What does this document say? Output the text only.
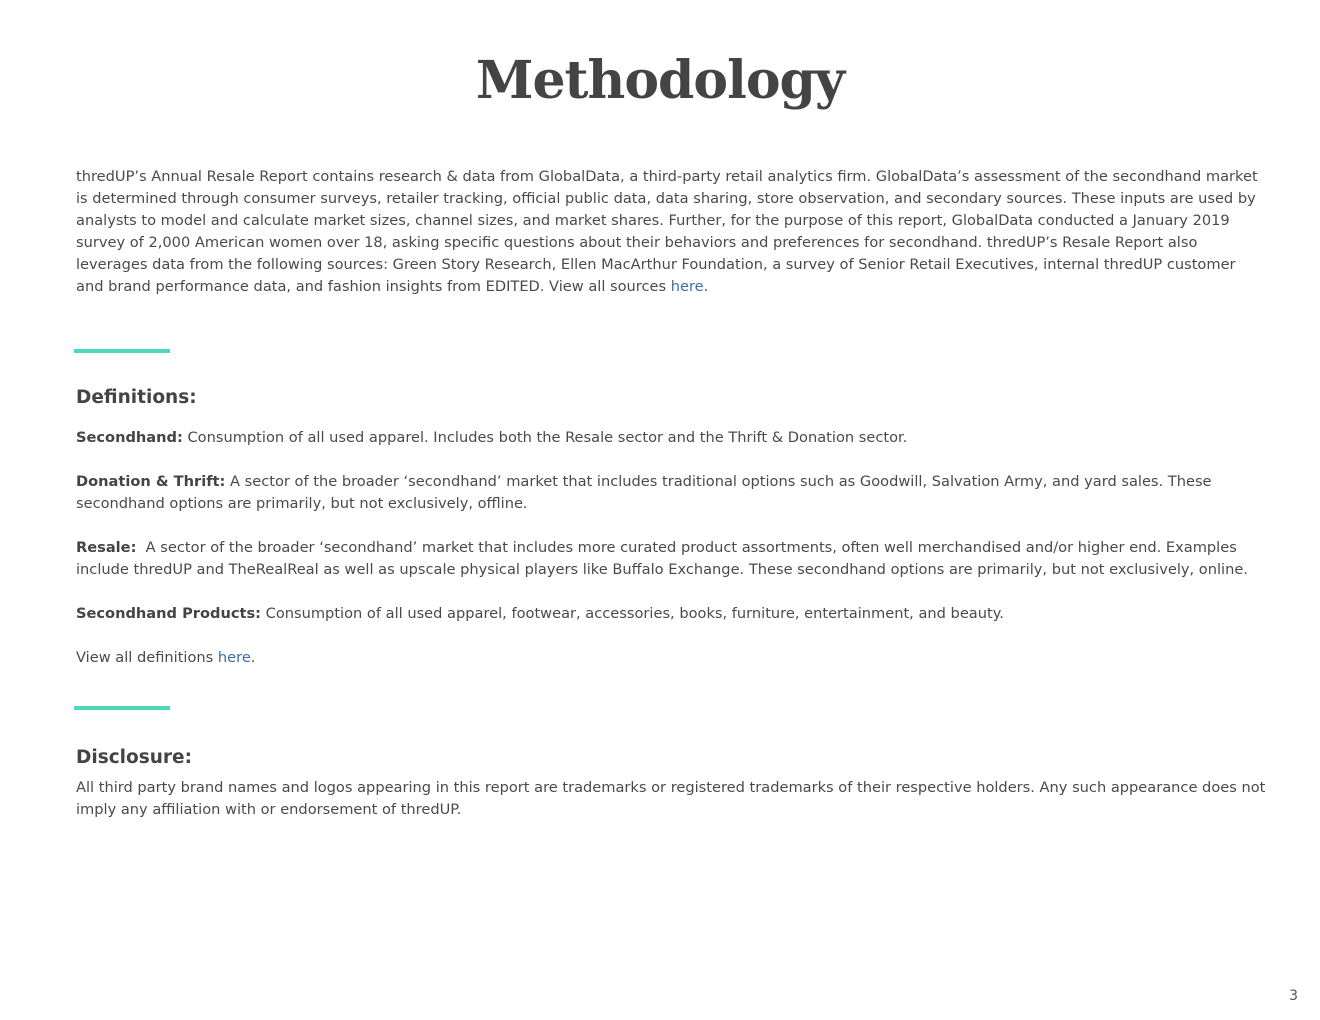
Methodology

thredUP’s Annual Resale Report contains research & data from GlobalData, a third-party retail analytics firm. GlobalData’s assessment of the secondhand market is determined through consumer surveys, retailer tracking, official public data, data sharing, store observation, and secondary sources. These inputs are used by analysts to model and calculate market sizes, channel sizes, and market shares. Further, for the purpose of this report, GlobalData conducted a January 2019 survey of 2,000 American women over 18, asking specific questions about their behaviors and preferences for secondhand. thredUP’s Resale Report also leverages data from the following sources: Green Story Research, Ellen MacArthur Foundation, a survey of Senior Retail Executives, internal thredUP customer and brand performance data, and fashion insights from EDITED. View all sources here.

Definitions:

Secondhand: Consumption of all used apparel. Includes both the Resale sector and the Thrift & Donation sector.

Donation & Thrift: A sector of the broader ‘secondhand’ market that includes traditional options such as Goodwill, Salvation Army, and yard sales. These secondhand options are primarily, but not exclusively, offline.

Resale:  A sector of the broader ‘secondhand’ market that includes more curated product assortments, often well merchandised and/or higher end. Examples include thredUP and TheRealReal as well as upscale physical players like Buffalo Exchange. These secondhand options are primarily, but not exclusively, online.

Secondhand Products: Consumption of all used apparel, footwear, accessories, books, furniture, entertainment, and beauty.

View all definitions here.

Disclosure:

All third party brand names and logos appearing in this report are trademarks or registered trademarks of their respective holders. Any such appearance does not imply any affiliation with or endorsement of thredUP.

3
